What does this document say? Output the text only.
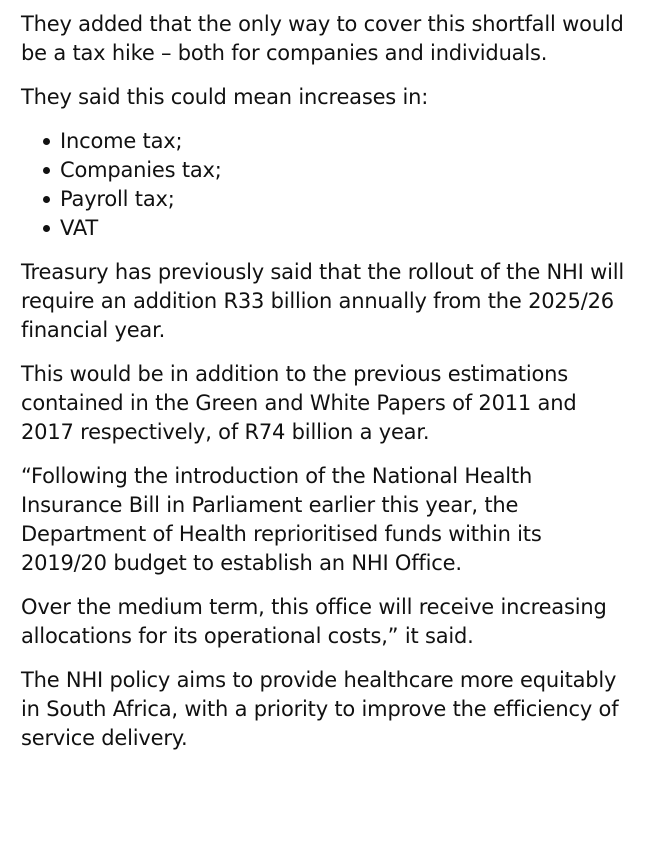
They added that the only way to cover this shortfall would be a tax hike – both for companies and individuals.

They said this could mean increases in:

Income tax;
Companies tax;
Payroll tax;
VAT

Treasury has previously said that the rollout of the NHI will require an addition R33 billion annually from the 2025/26 financial year.

This would be in addition to the previous estimations contained in the Green and White Papers of 2011 and 2017 respectively, of R74 billion a year.

“Following the introduction of the National Health Insurance Bill in Parliament earlier this year, the Department of Health reprioritised funds within its 2019/20 budget to establish an NHI Office.

Over the medium term, this office will receive increasing allocations for its operational costs,” it said.

The NHI policy aims to provide healthcare more equitably in South Africa, with a priority to improve the efficiency of service delivery.
